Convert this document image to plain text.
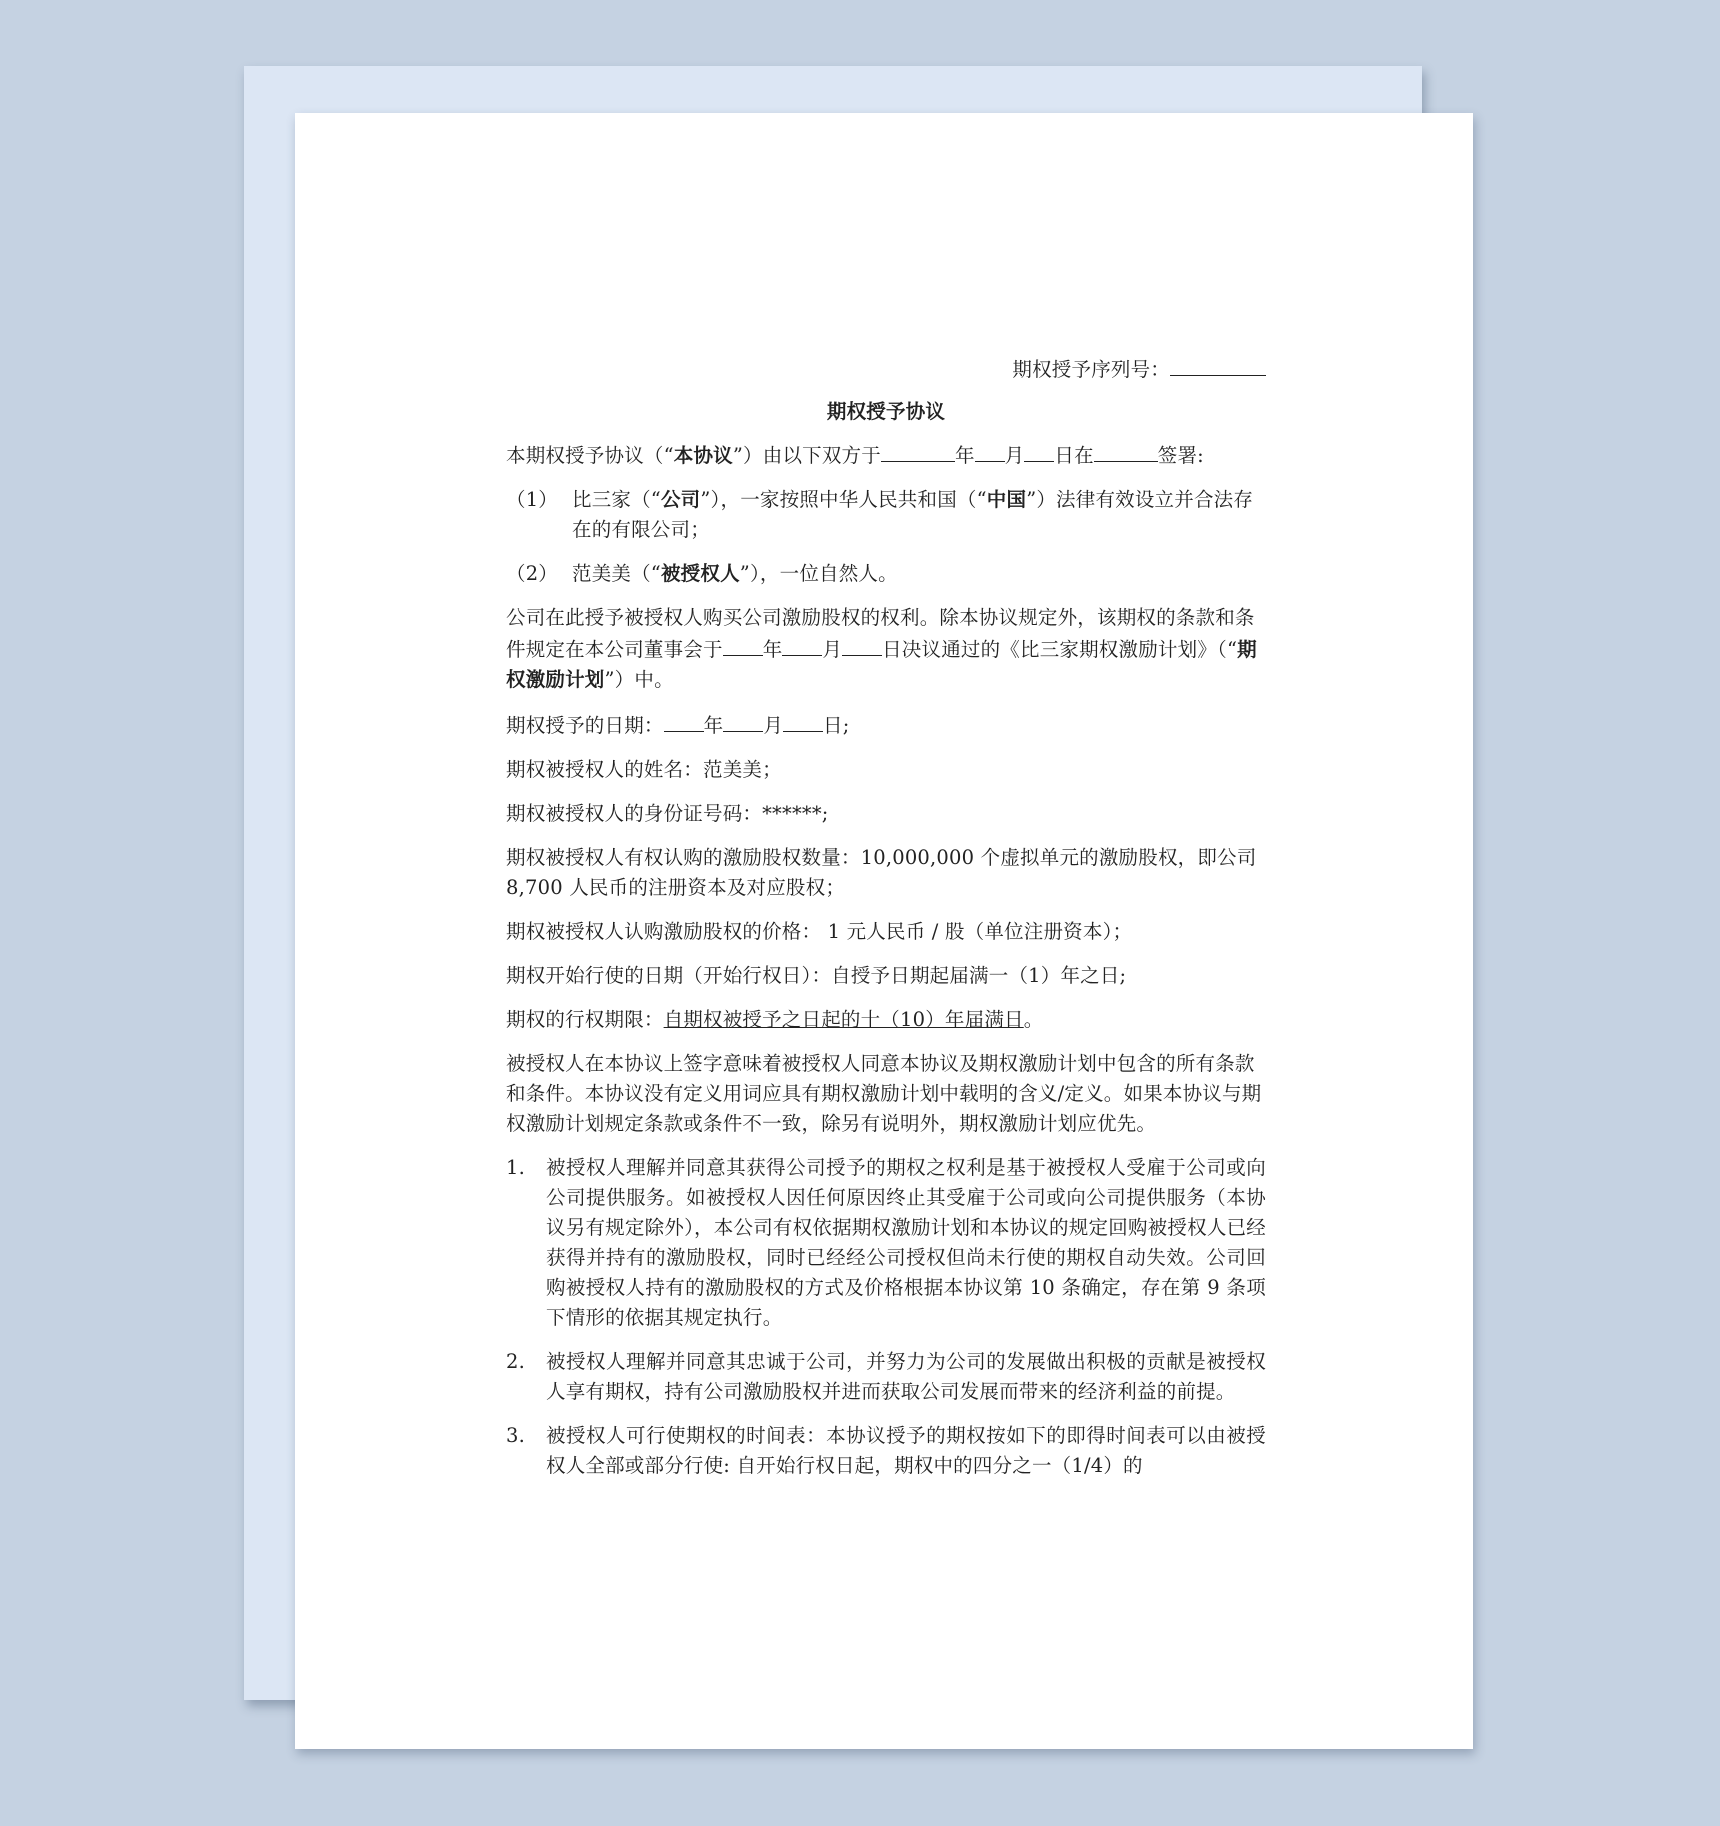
期权授予序列号：
期权授予协议

本期权授予协议（“本协议”）由以下双方于	年 月 日在	签署:

（1） 比三家（“公司”），一家按照中华人民共和国（“中国”）法律有效设立并合法存在的有限公司；
（2） 范美美（“被授权人”），一位自然人。

公司在此授予被授权人购买公司激励股权的权利。除本协议规定外，该期权的条款和条件规定在本公司董事会于 年 月 日决议通过的《比三家期权激励计划》（“期权激励计划”）中。

期权授予的日期： 年 月 日;

期权被授权人的姓名：范美美；

期权被授权人的身份证号码：******;

期权被授权人有权认购的激励股权数量：10,000,000 个虚拟单元的激励股权，即公司 8,700 人民币的注册资本及对应股权；

期权被授权人认购激励股权的价格： 1 元人民币 / 股（单位注册资本）；

期权开始行使的日期（开始行权日）：自授予日期起届满一（1）年之日;

期权的行权期限：自期权被授予之日起的十（10）年届满日。

被授权人在本协议上签字意味着被授权人同意本协议及期权激励计划中包含的所有条款和条件。本协议没有定义用词应具有期权激励计划中载明的含义/定义。如果本协议与期权激励计划规定条款或条件不一致，除另有说明外，期权激励计划应优先。

1.	被授权人理解并同意其获得公司授予的期权之权利是基于被授权人受雇于公司或向公司提供服务。如被授权人因任何原因终止其受雇于公司或向公司提供服务（本协议另有规定除外），本公司有权依据期权激励计划和本协议的规定回购被授权人已经获得并持有的激励股权，同时已经经公司授权但尚未行使的期权自动失效。公司回购被授权人持有的激励股权的方式及价格根据本协议第 10 条确定，存在第 9 条项下情形的依据其规定执行。
2.	被授权人理解并同意其忠诚于公司，并努力为公司的发展做出积极的贡献是被授权人享有期权，持有公司激励股权并进而获取公司发展而带来的经济利益的前提。
3.	被授权人可行使期权的时间表：本协议授予的期权按如下的即得时间表可以由被授权人全部或部分行使: 自开始行权日起，期权中的四分之一（1/4）的
